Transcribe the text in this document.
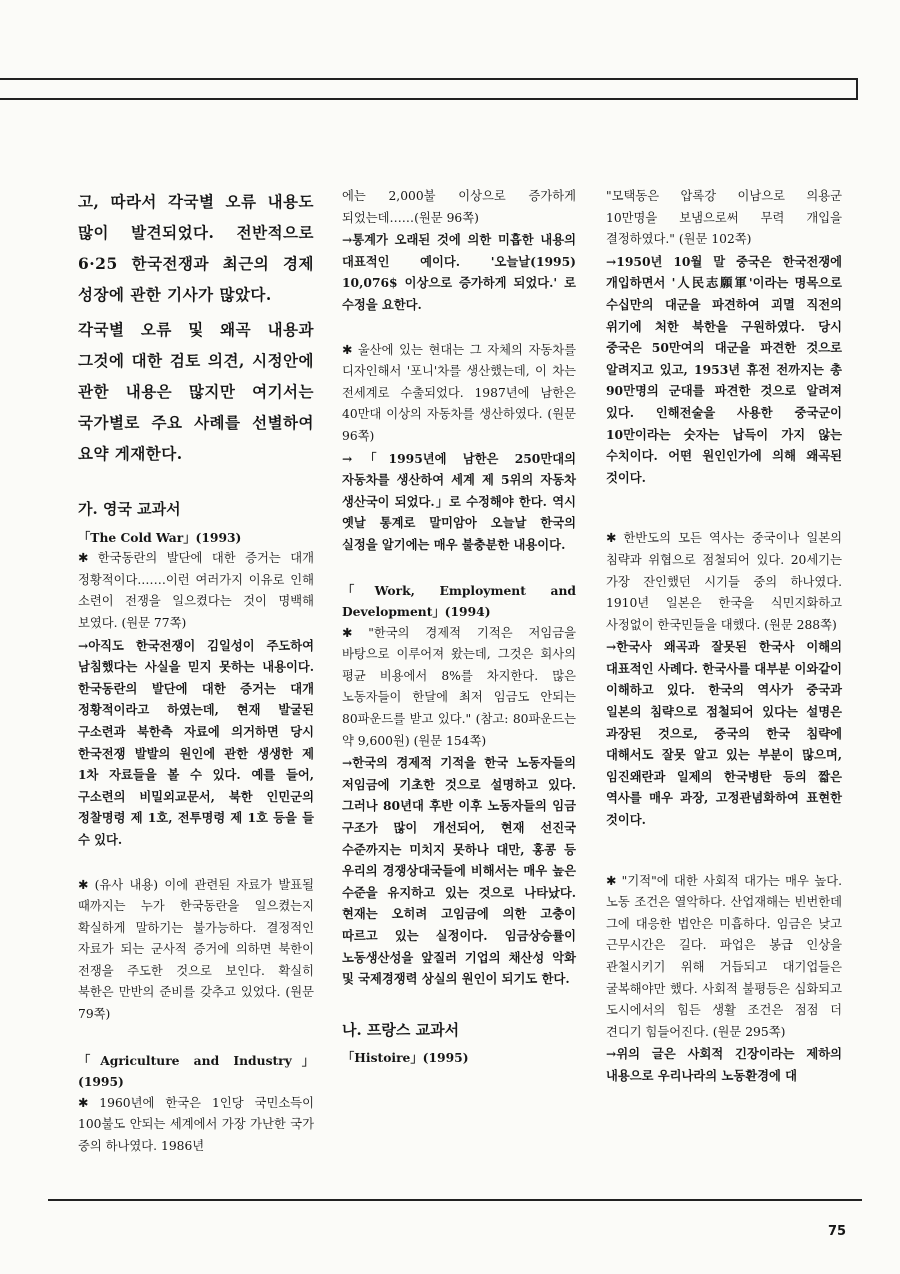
고, 따라서 각국별 오류 내용도 많이 발견되었다. 전반적으로 6·25 한국전쟁과 최근의 경제 성장에 관한 기사가 많았다.

각국별 오류 및 왜곡 내용과 그것에 대한 검토 의견, 시정안에 관한 내용은 많지만 여기서는 국가별로 주요 사례를 선별하여 요약 게재한다.

가. 영국 교과서

「The Cold War」(1993)

✱ 한국동란의 발단에 대한 증거는 대개 정황적이다.……이런 여러가지 이유로 인해 소련이 전쟁을 일으켰다는 것이 명백해 보였다. (원문 77쪽)

→아직도 한국전쟁이 김일성이 주도하여 남침했다는 사실을 믿지 못하는 내용이다. 한국동란의 발단에 대한 증거는 대개 정황적이라고 하였는데, 현재 발굴된 구소련과 북한측 자료에 의거하면 당시 한국전쟁 발발의 원인에 관한 생생한 제 1차 자료들을 볼 수 있다. 예를 들어, 구소련의 비밀외교문서, 북한 인민군의 정찰명령 제 1호, 전투명령 제 1호 등을 들 수 있다.

✱ (유사 내용) 이에 관련된 자료가 발표될 때까지는 누가 한국동란을 일으켰는지 확실하게 말하기는 불가능하다. 결정적인 자료가 되는 군사적 증거에 의하면 북한이 전쟁을 주도한 것으로 보인다. 확실히 북한은 만반의 준비를 갖추고 있었다. (원문 79쪽)

「Agriculture and Industry」(1995)

✱ 1960년에 한국은 1인당 국민소득이 100불도 안되는 세계에서 가장 가난한 국가 중의 하나였다. 1986년

에는 2,000불 이상으로 증가하게 되었는데……(원문 96쪽)

→통계가 오래된 것에 의한 미흡한 내용의 대표적인 예이다. '오늘날(1995) 10,076$ 이상으로 증가하게 되었다.' 로 수정을 요한다.

✱ 울산에 있는 현대는 그 자체의 자동차를 디자인해서 '포니'차를 생산했는데, 이 차는 전세계로 수출되었다. 1987년에 남한은 40만대 이상의 자동차를 생산하였다. (원문 96쪽)

→「1995년에 남한은 250만대의 자동차를 생산하여 세계 제 5위의 자동차 생산국이 되었다.」로 수정해야 한다. 역시 옛날 통계로 말미암아 오늘날 한국의 실정을 알기에는 매우 불충분한 내용이다.

「Work, Employment and Development」(1994)

✱ "한국의 경제적 기적은 저임금을 바탕으로 이루어져 왔는데, 그것은 회사의 평균 비용에서 8%를 차지한다. 많은 노동자들이 한달에 최저 임금도 안되는 80파운드를 받고 있다." (참고: 80파운드는 약 9,600원) (원문 154쪽)

→한국의 경제적 기적을 한국 노동자들의 저임금에 기초한 것으로 설명하고 있다. 그러나 80년대 후반 이후 노동자들의 임금 구조가 많이 개선되어, 현재 선진국 수준까지는 미치지 못하나 대만, 홍콩 등 우리의 경쟁상대국들에 비해서는 매우 높은 수준을 유지하고 있는 것으로 나타났다. 현재는 오히려 고임금에 의한 고충이 따르고 있는 실정이다. 임금상승률이 노동생산성을 앞질러 기업의 채산성 악화 및 국제경쟁력 상실의 원인이 되기도 한다.

나. 프랑스 교과서

「Histoire」(1995)

"모택동은 압록강 이남으로 의용군 10만명을 보냄으로써 무력 개입을 결정하였다." (원문 102쪽)

→1950년 10월 말 중국은 한국전쟁에 개입하면서 '人民志願軍'이라는 명목으로 수십만의 대군을 파견하여 괴멸 직전의 위기에 처한 북한을 구원하였다. 당시 중국은 50만여의 대군을 파견한 것으로 알려지고 있고, 1953년 휴전 전까지는 총 90만명의 군대를 파견한 것으로 알려져 있다. 인해전술을 사용한 중국군이 10만이라는 숫자는 납득이 가지 않는 수치이다. 어떤 원인인가에 의해 왜곡된 것이다.

✱ 한반도의 모든 역사는 중국이나 일본의 침략과 위협으로 점철되어 있다. 20세기는 가장 잔인했던 시기들 중의 하나였다. 1910년 일본은 한국을 식민지화하고 사정없이 한국민들을 대했다. (원문 288쪽)

→한국사 왜곡과 잘못된 한국사 이해의 대표적인 사례다. 한국사를 대부분 이와같이 이해하고 있다. 한국의 역사가 중국과 일본의 침략으로 점철되어 있다는 설명은 과장된 것으로, 중국의 한국 침략에 대해서도 잘못 알고 있는 부분이 많으며, 임진왜란과 일제의 한국병탄 등의 짧은 역사를 매우 과장, 고정관념화하여 표현한 것이다.

✱ "기적"에 대한 사회적 대가는 매우 높다. 노동 조건은 열악하다. 산업재해는 빈번한데 그에 대응한 법안은 미흡하다. 임금은 낮고 근무시간은 길다. 파업은 봉급 인상을 관철시키기 위해 거듭되고 대기업들은 굴복해야만 했다. 사회적 불평등은 심화되고 도시에서의 힘든 생활 조건은 점점 더 견디기 힘들어진다. (원문 295쪽)

→위의 글은 사회적 긴장이라는 제하의 내용으로 우리나라의 노동환경에 대

75
